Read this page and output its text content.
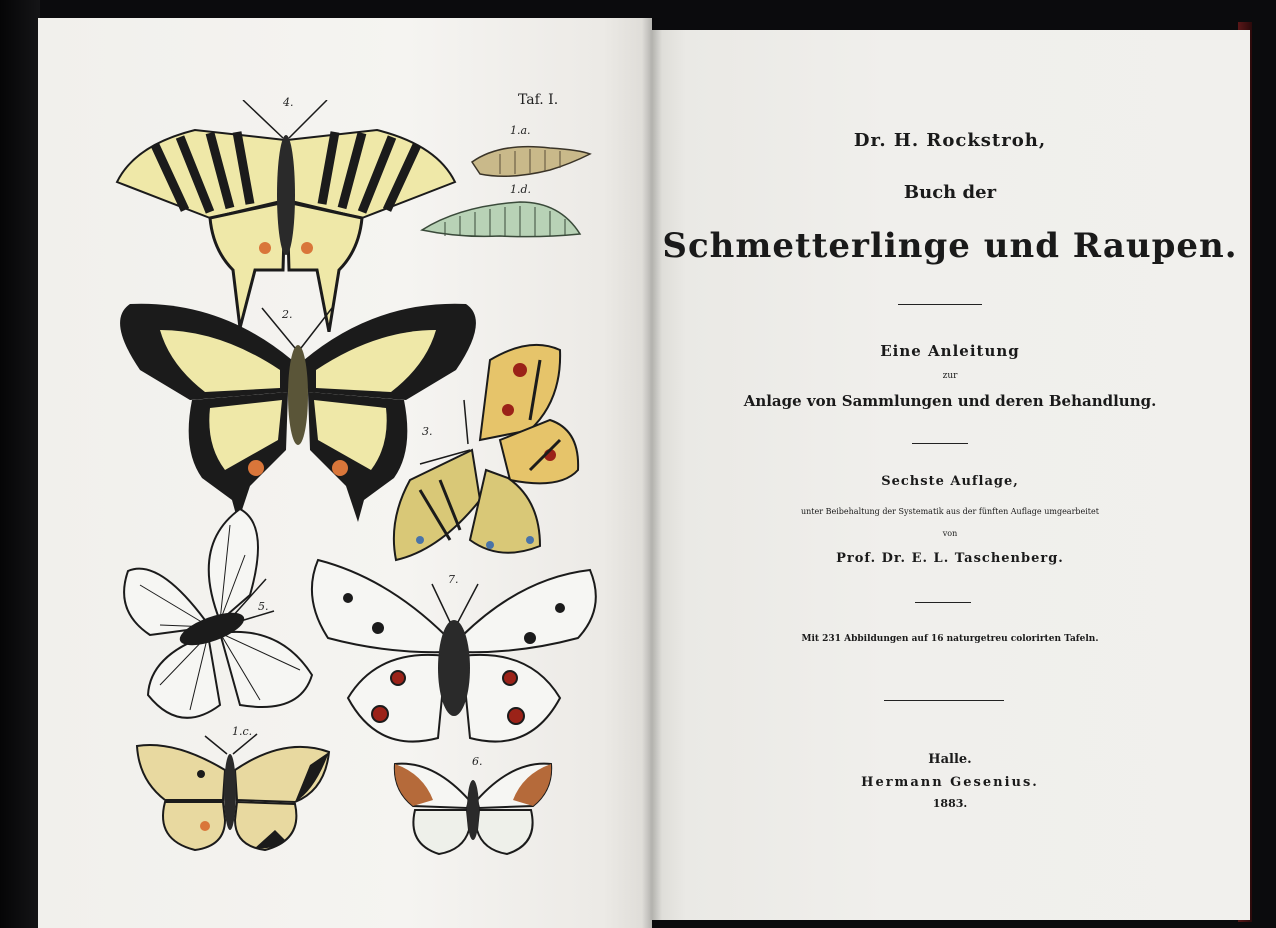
Taf. I.
4.
1.a.
1.d.
2.
3.
5.
7.
1.c.
6.
Dr. H. Rockstroh,
Buch der
Schmetterlinge und Raupen.
Eine Anleitung
zur
Anlage von Sammlungen und deren Behandlung.
Sechste Auflage,
unter Beibehaltung der Systematik aus der fünften Auflage umgearbeitet
von
Prof. Dr. E. L. Taschenberg.
Mit 231 Abbildungen auf 16 naturgetreu colorirten Tafeln.
Halle.
Hermann Gesenius.
1883.
